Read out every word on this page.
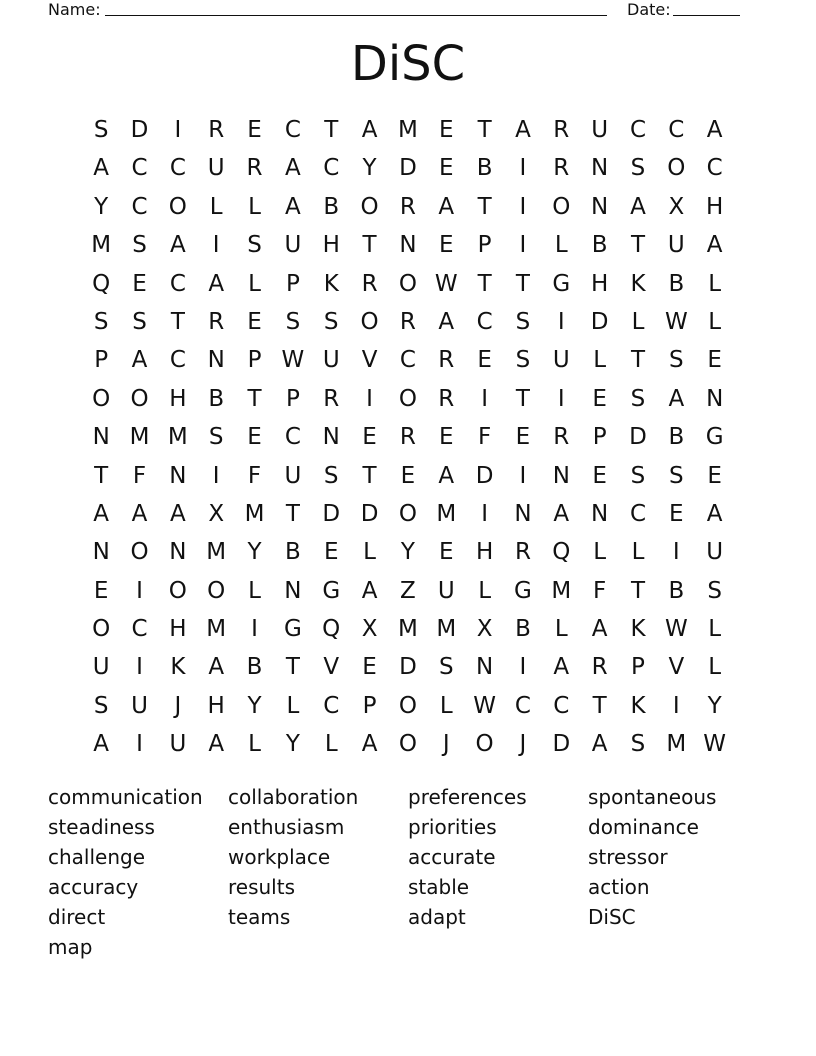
Name:	Date:
DiSC
S D	I	R	E	C	T	A M E	T	A R U C C A
A C C U R A C	Y D E	B	I	R N S O C
Y	C O L	L	A B O R A	T	I	O N A X H
M S	A	I	S U H T N E	P	I	L	B	T U A
Q E	C A	L	P	K R O W T	T G H K B	L
S	S	T	R	E	S	S O R A C	S	I	D	L W L
P	A C N P W U V C R	E	S U	L	T	S	E
O O H B	T	P	R	I	O R	I	T	I	E	S	A N
N M M S	E	C N E	R	E	F	E	R	P D B G
T	F	N	I	F	U S	T	E	A D	I	N E	S	S	E
A A A X M T D D O M	I	N A N C	E	A
N O N M Y	B	E	L	Y	E H R Q L	L	I	U
E	I	O O L	N G A Z U	L	G M F	T	B	S
O C H M	I	G Q X M M X B	L	A K W L
U	I	K A B	T	V	E D S N	I	A R	P	V	L
S U	J	H Y	L	C	P O L W C C	T	K	I	Y
A	I	U A	L	Y	L	A O	J	O	J	D A	S M W
communication	collaboration	preferences	spontaneous
steadiness	enthusiasm	priorities	dominance
challenge	workplace	accurate	stressor
accuracy	results	stable	action
direct	teams	adapt	DiSC
map
